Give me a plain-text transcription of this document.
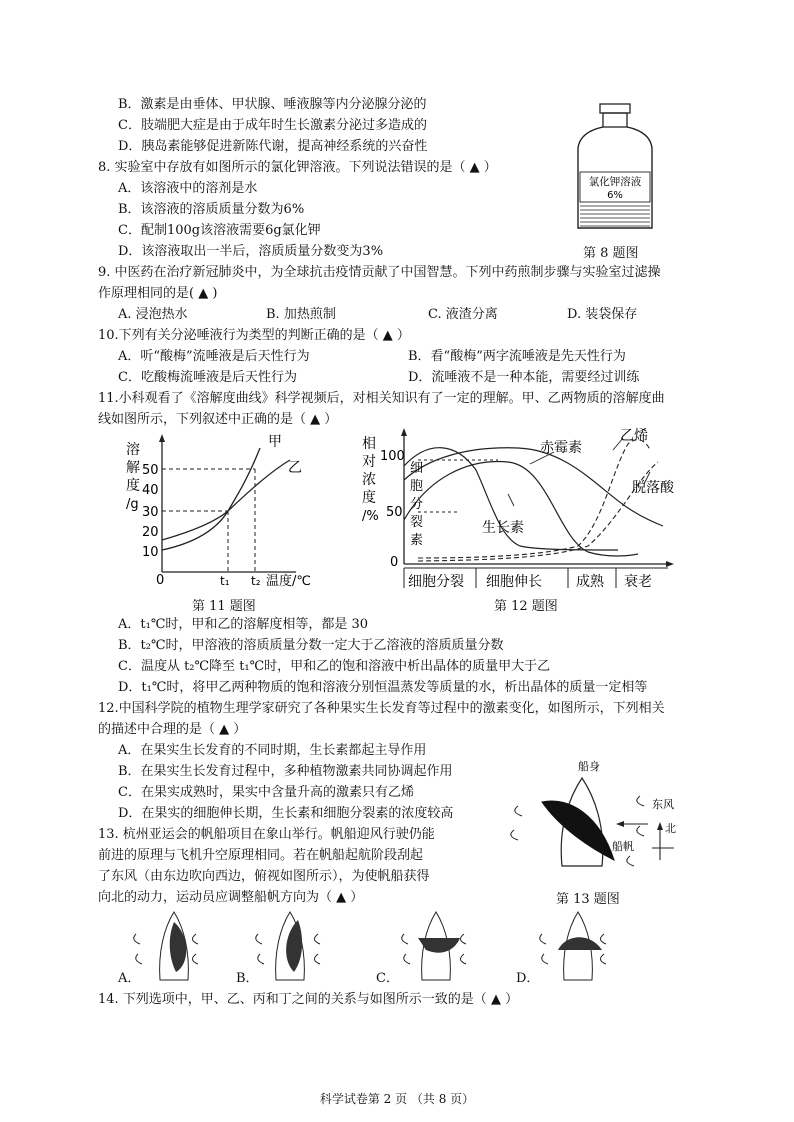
B．激素是由垂体、甲状腺、唾液腺等内分泌腺分泌的
C．肢端肥大症是由于成年时生长激素分泌过多造成的
D．胰岛素能够促进新陈代谢，提高神经系统的兴奋性
8. 实验室中存放有如图所示的氯化钾溶液。下列说法错误的是（ ▲ ）
A．该溶液中的溶剂是水
B．该溶液的溶质质量分数为6%
C．配制100g该溶液需要6g氯化钾
D．该溶液取出一半后，溶质质量分数变为3%
氯化钾溶液
6%
第 8 题图
9. 中医药在治疗新冠肺炎中，为全球抗击疫情贡献了中国智慧。下列中药煎制步骤与实验室过滤操
作原理相同的是( ▲ )
A. 浸泡热水	B. 加热煎制	C. 液渣分离	D. 装袋保存
10.下列有关分泌唾液行为类型的判断正确的是（ ▲ ）
A．听“酸梅”流唾液是后天性行为	B．看“酸梅”两字流唾液是先天性行为
C．吃酸梅流唾液是后天性行为	D．流唾液不是一种本能，需要经过训练
11.小科观看了《溶解度曲线》科学视频后，对相关知识有了一定的理解。甲、乙两物质的溶解度曲
线如图所示，下列叙述中正确的是（ ▲ ）
溶
解
度
/g
50
40
30
20
10
0
甲
乙
t₁ t₂ 温度/℃
第 11 题图
相
对
浓
度
/%
100
50
0
赤霉素
乙烯
脱落酸
生长素
细
胞
分
裂
素
细胞分裂 细胞伸长 成熟 衰老
第 12 题图
A．t₁℃时，甲和乙的溶解度相等，都是 30
B．t₂℃时，甲溶液的溶质质量分数一定大于乙溶液的溶质质量分数
C．温度从 t₂℃降至 t₁℃时，甲和乙的饱和溶液中析出晶体的质量甲大于乙
D．t₁℃时，将甲乙两种物质的饱和溶液分别恒温蒸发等质量的水，析出晶体的质量一定相等
12.中国科学院的植物生理学家研究了各种果实生长发育等过程中的激素变化，如图所示，下列相关
的描述中合理的是（ ▲ ）
A．在果实生长发育的不同时期，生长素都起主导作用
B．在果实生长发育过程中，多种植物激素共同协调起作用
C．在果实成熟时，果实中含量升高的激素只有乙烯
D．在果实的细胞伸长期，生长素和细胞分裂素的浓度较高
13. 杭州亚运会的帆船项目在象山举行。帆船迎风行驶仍能
前进的原理与飞机升空原理相同。若在帆船起航阶段刮起
了东风（由东边吹向西边，俯视如图所示），为使帆船获得
向北的动力，运动员应调整船帆方向为（ ▲ ）
船身
东风
船帆
北
第 13 题图
A．	B．	C．	D．
14. 下列选项中，甲、乙、丙和丁之间的关系与如图所示一致的是（ ▲ ）
科学试卷第 2 页 （共 8 页）
